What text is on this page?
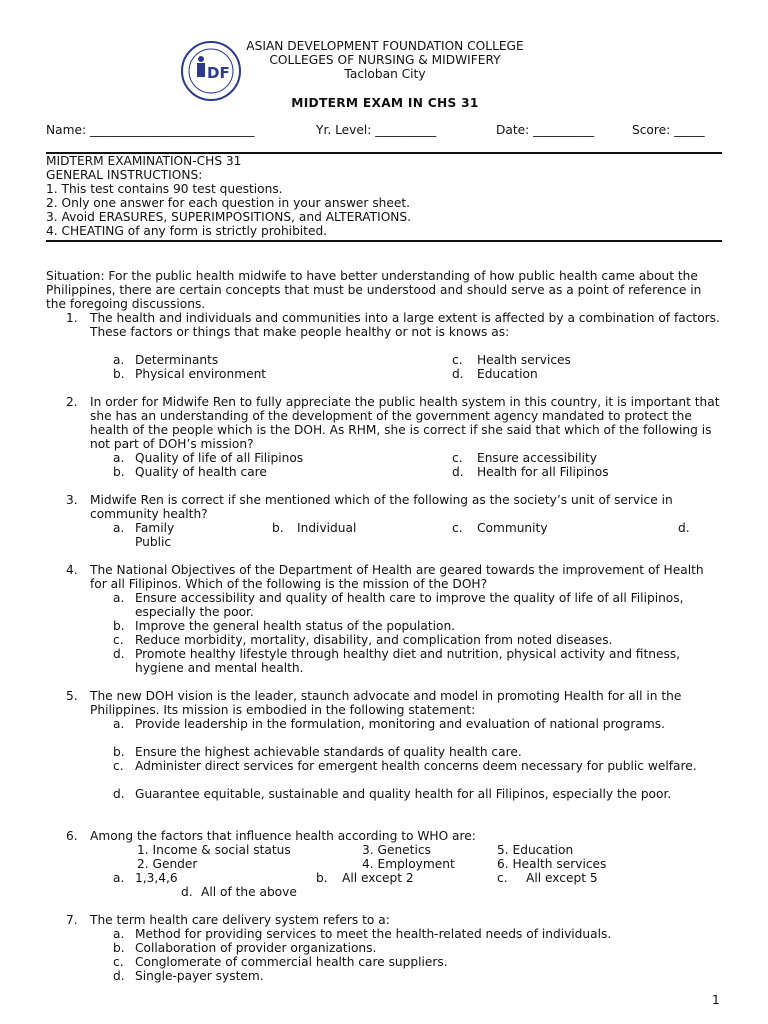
DF
ASIAN DEVELOPMENT FOUNDATION COLLEGE
COLLEGES OF NURSING & MIDWIFERY
Tacloban City
MIDTERM EXAM IN CHS 31
Name: ___________________________	Yr. Level: __________	Date: __________	Score: _____
MIDTERM EXAMINATION-CHS 31
GENERAL INSTRUCTIONS:
1. This test contains 90 test questions.
2. Only one answer for each question in your answer sheet.
3. Avoid ERASURES, SUPERIMPOSITIONS, and ALTERATIONS.
4. CHEATING of any form is strictly prohibited.
Situation: For the public health midwife to have better understanding of how public health came about the Philippines, there are certain concepts that must be understood and should serve as a point of reference in the foregoing discussions.
1. The health and individuals and communities into a large extent is affected by a combination of factors. These factors or things that make people healthy or not is knows as:
a. Determinants	c.	Health services
b. Physical environment	d.	Education
2. In order for Midwife Ren to fully appreciate the public health system in this country, it is important that she has an understanding of the development of the government agency mandated to protect the health of the people which is the DOH. As RHM, she is correct if she said that which of the following is not part of DOH’s mission?
a. Quality of life of all Filipinos	c.	Ensure accessibility
b. Quality of health care	d.	Health for all Filipinos
3. Midwife Ren is correct if she mentioned which of the following as the society’s unit of service in community health?
a. Family	b. Individual	c.	Community	d.
Public
4. The National Objectives of the Department of Health are geared towards the improvement of Health for all Filipinos. Which of the following is the mission of the DOH?
a. Ensure accessibility and quality of health care to improve the quality of life of all Filipinos, especially the poor.
b. Improve the general health status of the population.
c. Reduce morbidity, mortality, disability, and complication from noted diseases.
d. Promote healthy lifestyle through healthy diet and nutrition, physical activity and fitness, hygiene and mental health.
5. The new DOH vision is the leader, staunch advocate and model in promoting Health for all in the Philippines. Its mission is embodied in the following statement:
a. Provide leadership in the formulation, monitoring and evaluation of national programs.
b. Ensure the highest achievable standards of quality health care.
c. Administer direct services for emergent health concerns deem necessary for public welfare.
d. Guarantee equitable, sustainable and quality health for all Filipinos, especially the poor.
6. Among the factors that influence health according to WHO are:
1. Income & social status	3. Genetics	5. Education
2. Gender	4. Employment	6. Health services
a. 1,3,4,6	b. All except 2	c. All except 5
d. All of the above
7. The term health care delivery system refers to a:
a. Method for providing services to meet the health-related needs of individuals.
b. Collaboration of provider organizations.
c. Conglomerate of commercial health care suppliers.
d. Single-payer system.
1
